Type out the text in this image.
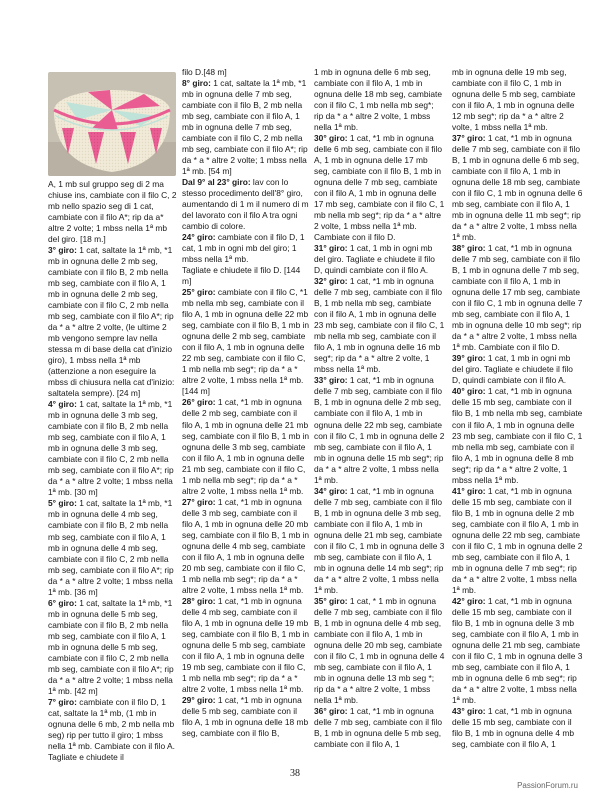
A, 1 mb sul gruppo seg di 2 ma chiuse ins, cambiate con il filo C, 2 mb nello spazio seg di 1 cat, cambiate con il filo A*; rip da a* altre 2 volte; 1 mbss nella 1ª mb del giro. [18 m.]

3° giro: 1 cat, saltate la 1ª mb, *1 mb in ognuna delle 2 mb seg, cambiate con il filo B, 2 mb nella mb seg, cambiate con il filo A, 1 mb in ognuna delle 2 mb seg, cambiate con il filo C, 2 mb nella mb seg, cambiate con il filo A*; rip da * a * altre 2 volte, (le ultime 2 mb vengono sempre lav nella stessa m di base della cat d'inizio giro), 1 mbss nella 1ª mb (attenzione a non eseguire la mbss di chiusura nella cat d'inizio: saltatela sempre). [24 m]

4° giro: 1 cat, saltate la 1ª mb, *1 mb in ognuna delle 3 mb seg, cambiate con il filo B, 2 mb nella mb seg, cambiate con il filo A, 1 mb in ognuna delle 3 mb seg, cambiate con il filo C, 2 mb nella mb seg, cambiate con il filo A*; rip da * a * altre 2 volte; 1 mbss nella 1ª mb. [30 m]

5° giro: 1 cat, saltate la 1ª mb, *1 mb in ognuna delle 4 mb seg, cambiate con il filo B, 2 mb nella mb seg, cambiate con il filo A, 1 mb in ognuna delle 4 mb seg, cambiate con il filo C, 2 mb nella mb seg, cambiate con il filo A*; rip da * a * altre 2 volte; 1 mbss nella 1ª mb. [36 m]

6° giro: 1 cat, saltate la 1ª mb, *1 mb in ognuna delle 5 mb seg, cambiate con il filo B, 2 mb nella mb seg, cambiate con il filo A, 1 mb in ognuna delle 5 mb seg, cambiate con il filo C, 2 mb nella mb seg, cambiate con il filo A*; rip da * a * altre 2 volte; 1 mbss nella 1ª mb. [42 m]

7° giro: cambiate con il filo D, 1 cat, saltate la 1ª mb, (1 mb in ognuna delle 6 mb, 2 mb nella mb seg) rip per tutto il giro; 1 mbss nella 1ª mb. Cambiate con il filo A. Tagliate e chiudete il

filo D.[48 m]

8° giro: 1 cat, saltate la 1ª mb, *1 mb in ognuna delle 7 mb seg, cambiate con il filo B, 2 mb nella mb seg, cambiate con il filo A, 1 mb in ognuna delle 7 mb seg, cambiate con il filo C, 2 mb nella mb seg, cambiate con il filo A*; rip da * a * altre 2 volte; 1 mbss nella 1ª mb. [54 m]

Dal 9° al 23° giro: lav con lo stesso procedimento dell'8° giro, aumentando di 1 m il numero di m del lavorato con il filo A tra ogni cambio di colore.

24° giro: cambiate con il filo D, 1 cat, 1 mb in ogni mb del giro; 1 mbss nella 1ª mb.

Tagliate e chiudete il filo D. [144 m]

25° giro: cambiate con il filo C, *1 mb nella mb seg, cambiate con il filo A, 1 mb in ognuna delle 22 mb seg, cambiate con il filo B, 1 mb in ognuna delle 2 mb seg, cambiate con il filo A, 1 mb in ognuna delle 22 mb seg, cambiate con il filo C, 1 mb nella mb seg*; rip da * a * altre 2 volte, 1 mbss nella 1ª mb. [144 m]

26° giro: 1 cat, *1 mb in ognuna delle 2 mb seg, cambiate con il filo A, 1 mb in ognuna delle 21 mb seg, cambiate con il filo B, 1 mb in ognuna delle 3 mb seg, cambiate con il filo A, 1 mb in ognuna delle 21 mb seg, cambiate con il filo C, 1 mb nella mb seg*; rip da * a * altre 2 volte, 1 mbss nella 1ª mb.

27° giro: 1 cat, *1 mb in ognuna delle 3 mb seg, cambiate con il filo A, 1 mb in ognuna delle 20 mb seg, cambiate con il filo B, 1 mb in ognuna delle 4 mb seg, cambiate con il filo A, 1 mb in ognuna delle 20 mb seg, cambiate con il filo C, 1 mb nella mb seg*; rip da * a * altre 2 volte, 1 mbss nella 1ª mb.

28° giro: 1 cat, *1 mb in ognuna delle 4 mb seg, cambiate con il filo A, 1 mb in ognuna delle 19 mb seg, cambiate con il filo B, 1 mb in ognuna delle 5 mb seg, cambiate con il filo A, 1 mb in ognuna delle 19 mb seg, cambiate con il filo C, 1 mb nella mb seg*; rip da * a * altre 2 volte, 1 mbss nella 1ª mb.

29° giro: 1 cat, *1 mb in ognuna delle 5 mb seg, cambiate con il filo A, 1 mb in ognuna delle 18 mb seg, cambiate con il filo B,

1 mb in ognuna delle 6 mb seg, cambiate con il filo A, 1 mb in ognuna delle 18 mb seg, cambiate con il filo C, 1 mb nella mb seg*; rip da * a * altre 2 volte, 1 mbss nella 1ª mb.

30° giro: 1 cat, *1 mb in ognuna delle 6 mb seg, cambiate con il filo A, 1 mb in ognuna delle 17 mb seg, cambiate con il filo B, 1 mb in ognuna delle 7 mb seg, cambiate con il filo A, 1 mb in ognuna delle 17 mb seg, cambiate con il filo C, 1 mb nella mb seg*; rip da * a * altre 2 volte, 1 mbss nella 1ª mb. Cambiate con il filo D.

31° giro: 1 cat, 1 mb in ogni mb del giro. Tagliate e chiudete il filo D, quindi cambiate con il filo A.

32° giro: 1 cat, *1 mb in ognuna delle 7 mb seg, cambiate con il filo B, 1 mb nella mb seg, cambiate con il filo A, 1 mb in ognuna delle 23 mb seg, cambiate con il filo C, 1 mb nella mb seg, cambiate con il filo A, 1 mb in ognuna delle 16 mb seg*; rip da * a * altre 2 volte, 1 mbss nella 1ª mb.

33° giro: 1 cat, *1 mb in ognuna delle 7 mb seg, cambiate con il filo B, 1 mb in ognuna delle 2 mb seg, cambiate con il filo A, 1 mb in ognuna delle 22 mb seg, cambiate con il filo C, 1 mb in ognuna delle 2 mb seg, cambiate con il filo A, 1 mb in ognuna delle 15 mb seg*; rip da * a * altre 2 volte, 1 mbss nella 1ª mb.

34° giro: 1 cat, *1 mb in ognuna delle 7 mb seg, cambiate con il filo B, 1 mb in ognuna delle 3 mb seg, cambiate con il filo A, 1 mb in ognuna delle 21 mb seg, cambiate con il filo C, 1 mb in ognuna delle 3 mb seg, cambiate con il filo A, 1 mb in ognuna delle 14 mb seg*; rip da * a * altre 2 volte, 1 mbss nella 1ª mb.

35° giro: 1 cat, * 1 mb in ognuna delle 7 mb seg, cambiate con il filo B, 1 mb in ognuna delle 4 mb seg, cambiate con il filo A, 1 mb in ognuna delle 20 mb seg, cambiate con il filo C, 1 mb in ognuna delle 4 mb seg, cambiate con il filo A, 1 mb in ognuna delle 13 mb seg *; rip da * a * altre 2 volte, 1 mbss nella 1ª mb.

36° giro: 1 cat, *1 mb in ognuna delle 7 mb seg, cambiate con il filo B, 1 mb in ognuna delle 5 mb seg, cambiate con il filo A, 1

mb in ognuna delle 19 mb seg, cambiate con il filo C, 1 mb in ognuna delle 5 mb seg, cambiate con il filo A, 1 mb in ognuna delle 12 mb seg*; rip da * a * altre 2 volte, 1 mbss nella 1ª mb.

37° giro: 1 cat, *1 mb in ognuna delle 7 mb seg, cambiate con il filo B, 1 mb in ognuna delle 6 mb seg, cambiate con il filo A, 1 mb in ognuna delle 18 mb seg, cambiate con il filo C, 1 mb in ognuna delle 6 mb seg, cambiate con il filo A, 1 mb in ognuna delle 11 mb seg*; rip da * a * altre 2 volte, 1 mbss nella 1ª mb.

38° giro: 1 cat, *1 mb in ognuna delle 7 mb seg, cambiate con il filo B, 1 mb in ognuna delle 7 mb seg, cambiate con il filo A, 1 mb in ognuna delle 17 mb seg, cambiate con il filo C, 1 mb in ognuna delle 7 mb seg, cambiate con il filo A, 1 mb in ognuna delle 10 mb seg*; rip da * a * altre 2 volte, 1 mbss nella 1ª mb. Cambiate con il filo D.

39° giro: 1 cat, 1 mb in ogni mb del giro. Tagliate e chiudete il filo D, quindi cambiate con il filo A.

40° giro: 1 cat, *1 mb in ognuna delle 15 mb seg, cambiate con il filo B, 1 mb nella mb seg, cambiate con il filo A, 1 mb in ognuna delle 23 mb seg, cambiate con il filo C, 1 mb nella mb seg, cambiate con il filo A, 1 mb in ognuna delle 8 mb seg*; rip da * a * altre 2 volte, 1 mbss nella 1ª mb.

41° giro: 1 cat, *1 mb in ognuna delle 15 mb seg, cambiate con il filo B, 1 mb in ognuna delle 2 mb seg, cambiate con il filo A, 1 mb in ognuna delle 22 mb seg, cambiate con il filo C, 1 mb in ognuna delle 2 mb seg, cambiate con il filo A, 1 mb in ognuna delle 7 mb seg*; rip da * a * altre 2 volte, 1 mbss nella 1ª mb.

42° giro: 1 cat, *1 mb in ognuna delle 15 mb seg, cambiate con il filo B, 1 mb in ognuna delle 3 mb seg, cambiate con il filo A, 1 mb in ognuna delle 21 mb seg, cambiate con il filo C, 1 mb in ognuna delle 3 mb seg, cambiate con il filo A, 1 mb in ognuna delle 6 mb seg*; rip da * a * altre 2 volte, 1 mbss nella 1ª mb.

43° giro: 1 cat, *1 mb in ognuna delle 15 mb seg, cambiate con il filo B, 1 mb in ognuna delle 4 mb seg, cambiate con il filo A, 1

38
PassionForum.ru
